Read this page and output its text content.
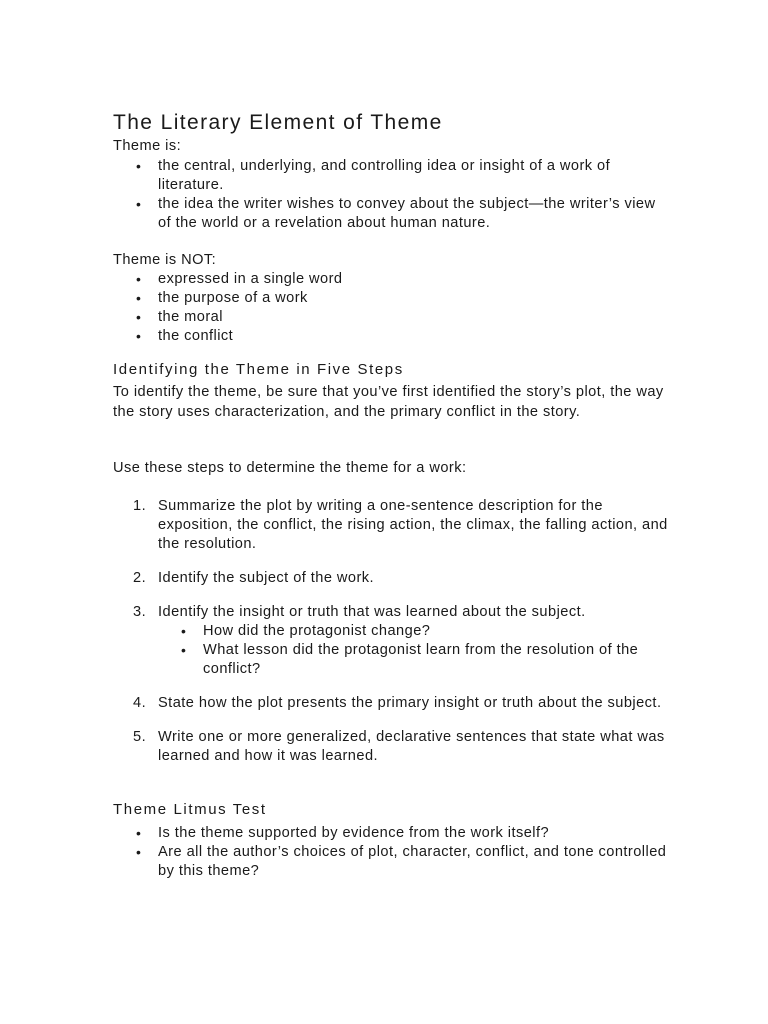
The Literary Element of Theme

Theme is:

• the central, underlying, and controlling idea or insight of a work of literature.
• the idea the writer wishes to convey about the subject—the writer’s view of the world or a revelation about human nature.

Theme is NOT:

• expressed in a single word
• the purpose of a work
• the moral
• the conflict
Identifying the Theme in Five Steps

To identify the theme, be sure that you’ve first identified the story’s plot, the way the story uses characterization, and the primary conflict in the story.

Use these steps to determine the theme for a work:

1. Summarize the plot by writing a one-sentence description for the exposition, the conflict, the rising action, the climax, the falling action, and the resolution.
2. Identify the subject of the work.
3. Identify the insight or truth that was learned about the subject.
• How did the protagonist change?
• What lesson did the protagonist learn from the resolution of the conflict?
4. State how the plot presents the primary insight or truth about the subject.
5. Write one or more generalized, declarative sentences that state what was learned and how it was learned.
Theme Litmus Test
• Is the theme supported by evidence from the work itself?
• Are all the author’s choices of plot, character, conflict, and tone controlled by this theme?
